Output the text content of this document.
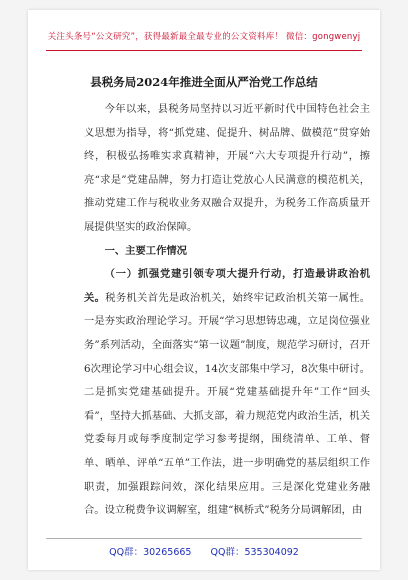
关注头条号“公文研究”，获得最新最全最专业的公文资料库！ 微信：gongwenyj
县税务局2024年推进全面从严治党工作总结

今年以来，县税务局坚持以习近平新时代中国特色社会主义思想为指导，将“抓党建、促提升、树品牌、做模范”贯穿始终，积极弘扬唯实求真精神，开展“六大专项提升行动”，擦亮“求是”党建品牌，努力打造让党放心人民满意的模范机关，推动党建工作与税收业务双融合双提升，为税务工作高质量开展提供坚实的政治保障。

一、主要工作情况

（一）抓强党建引领专项大提升行动，打造最讲政治机关。税务机关首先是政治机关，始终牢记政治机关第一属性。一是夯实政治理论学习。开展“学习思想铸忠魂，立足岗位强业务”系列活动，全面落实“第一议题”制度，规范学习研讨，召开6次理论学习中心组会议，14次支部集中学习，8次集中研讨。二是抓实党建基础提升。开展“党建基础提升年”工作“回头看”，坚持大抓基础、大抓支部，着力规范党内政治生活，机关党委每月或每季度制定学习参考提纲，围绕清单、工单、督单、晒单、评单“五单”工作法，进一步明确党的基层组织工作职责，加强跟踪问效，深化结果应用。三是深化党建业务融合。设立税费争议调解室，组建“枫桥式”税务分局调解团，由

QQ群：30265665 QQ群：535304092
